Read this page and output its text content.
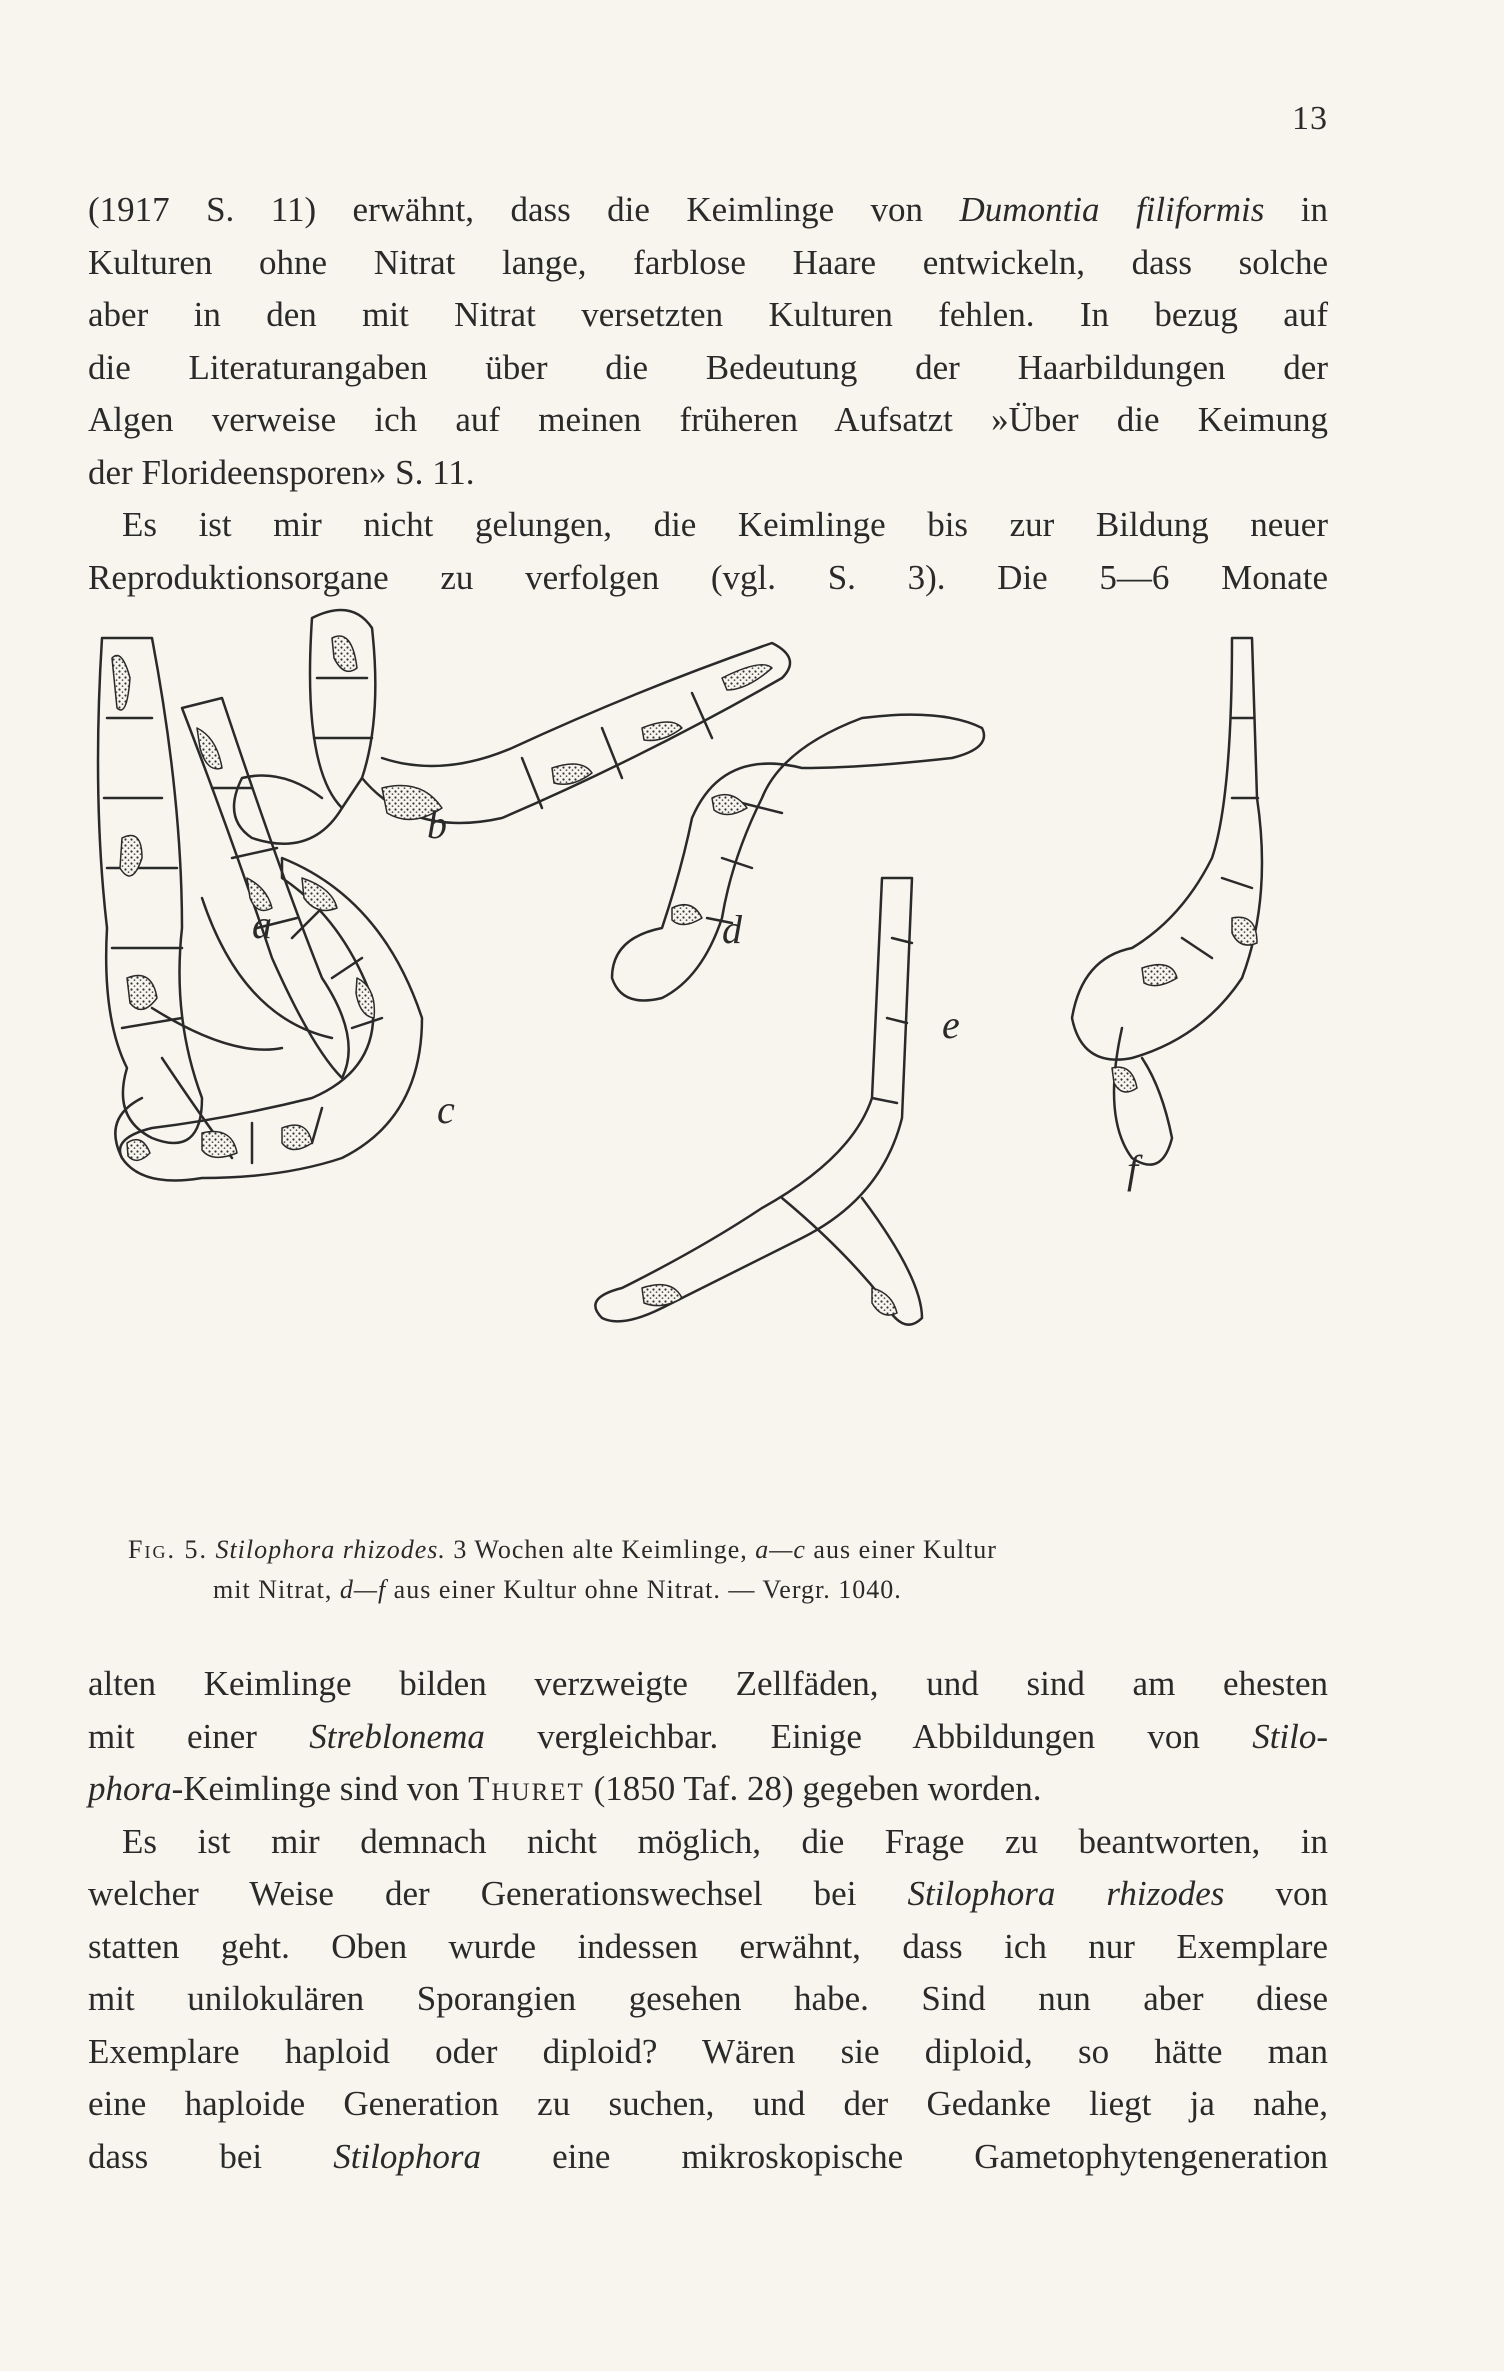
13

(1917 S. 11) erwähnt, dass die Keimlinge von Dumontia filiformis in
Kulturen ohne Nitrat lange, farblose Haare entwickeln, dass solche
aber in den mit Nitrat versetzten Kulturen fehlen. In bezug auf
die Literaturangaben über die Bedeutung der Haarbildungen der
Algen verweise ich auf meinen früheren Aufsatzt »Über die Keimung
der Florideensporen» S. 11.

Es ist mir nicht gelungen, die Keimlinge bis zur Bildung neuer
Reproduktionsorgane zu verfolgen (vgl. S. 3). Die 5—6 Monate

a
b
c
d
e
f
Fig. 5. Stilophora rhizodes. 3 Wochen alte Keimlinge, a—c aus einer Kultur
mit Nitrat, d—f aus einer Kultur ohne Nitrat. — Vergr. 1040.

alten Keimlinge bilden verzweigte Zellfäden, und sind am ehesten
mit einer Streblonema vergleichbar. Einige Abbildungen von Stilo-
phora-Keimlinge sind von Thuret (1850 Taf. 28) gegeben worden.

Es ist mir demnach nicht möglich, die Frage zu beantworten, in
welcher Weise der Generationswechsel bei Stilophora rhizodes von
statten geht. Oben wurde indessen erwähnt, dass ich nur Exemplare
mit unilokulären Sporangien gesehen habe. Sind nun aber diese
Exemplare haploid oder diploid? Wären sie diploid, so hätte man
eine haploide Generation zu suchen, und der Gedanke liegt ja nahe,
dass bei Stilophora eine mikroskopische Gametophytengeneration
